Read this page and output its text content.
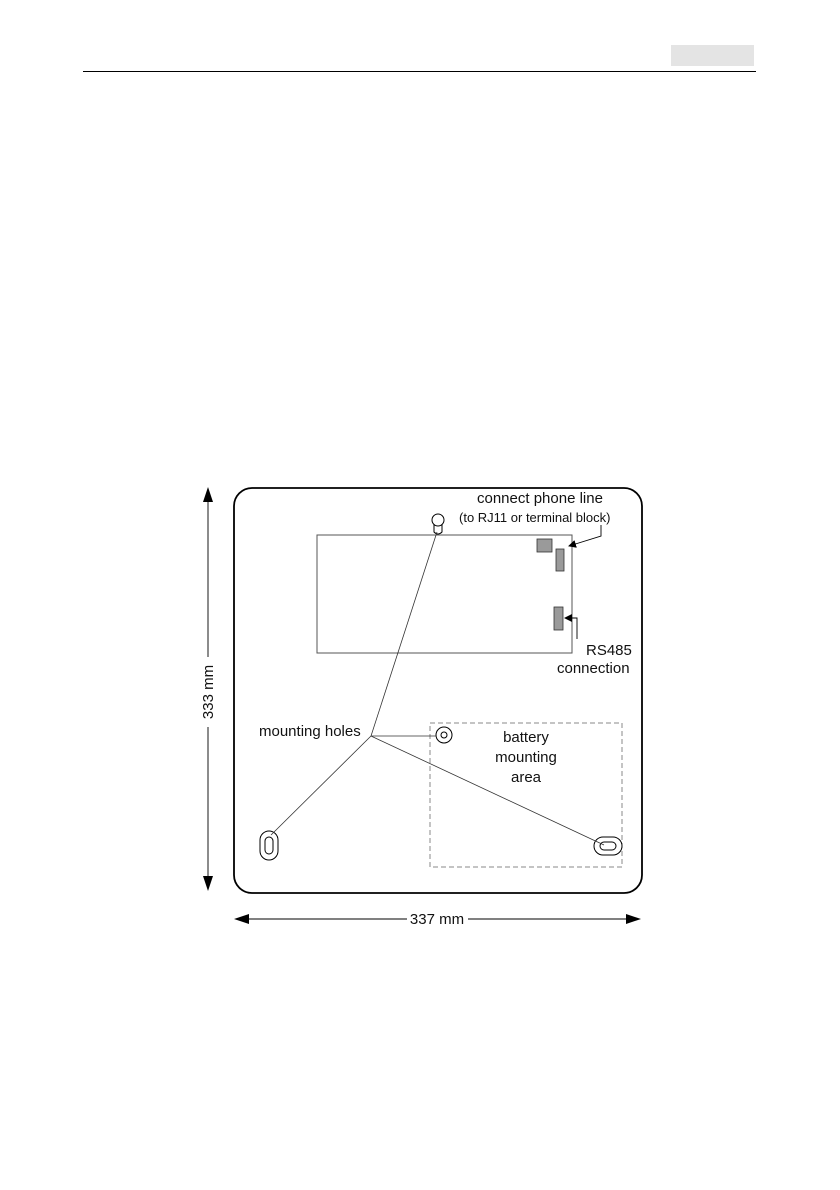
connect phone line
(to RJ11 or terminal block)
RS485
connection
mounting holes	battery
mounting
area
333 mm
337 mm
